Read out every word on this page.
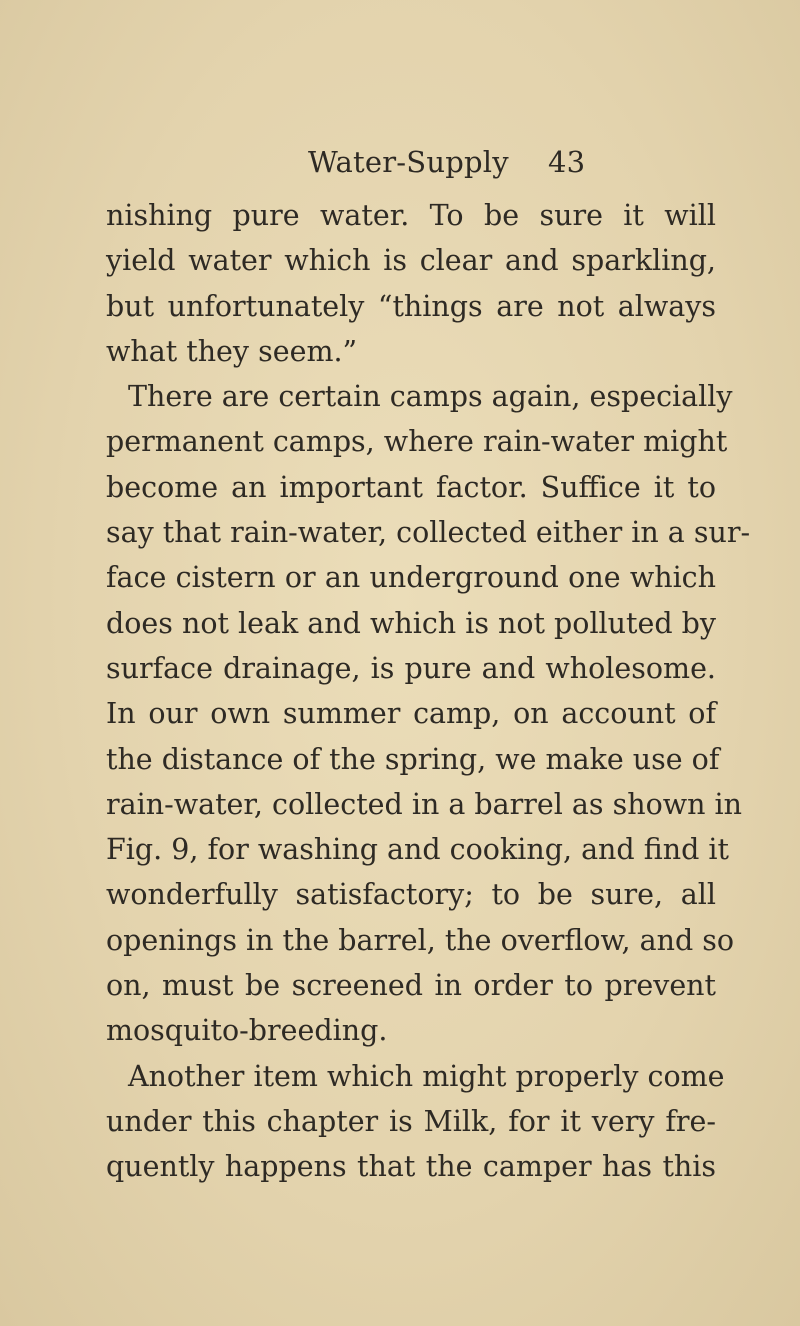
Water-Supply 43
nishing pure water. To be sure it will
yield water which is clear and sparkling,
but unfortunately “things are not always
what they seem.”
There are certain camps again, especially
permanent camps, where rain-water might
become an important factor. Suffice it to
say that rain-water, collected either in a sur-
face cistern or an underground one which
does not leak and which is not polluted by
surface drainage, is pure and wholesome.
In our own summer camp, on account of
the distance of the spring, we make use of
rain-water, collected in a barrel as shown in
Fig. 9, for washing and cooking, and find it
wonderfully satisfactory; to be sure, all
openings in the barrel, the overflow, and so
on, must be screened in order to prevent
mosquito-breeding.
Another item which might properly come
under this chapter is Milk, for it very fre-
quently happens that the camper has this
